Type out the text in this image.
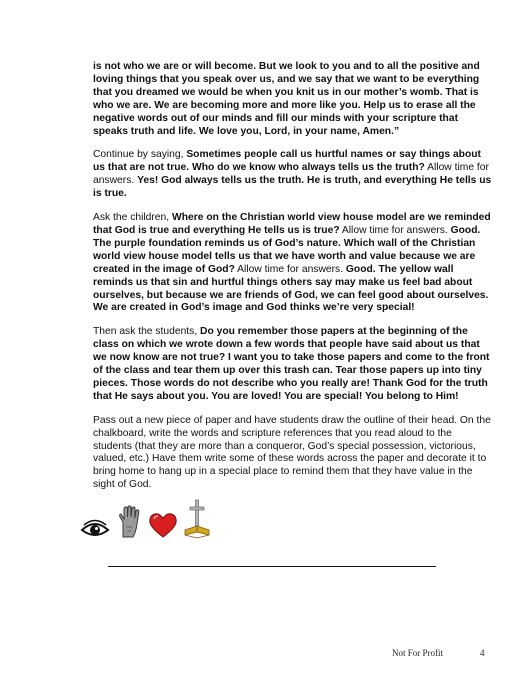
is not who we are or will become. But we look to you and to all the positive and loving things that you speak over us, and we say that we want to be everything that you dreamed we would be when you knit us in our mother’s womb. That is who we are. We are becoming more and more like you. Help us to erase all the negative words out of our minds and fill our minds with your scripture that speaks truth and life. We love you, Lord, in your name, Amen.”

Continue by saying, Sometimes people call us hurtful names or say things about us that are not true. Who do we know who always tells us the truth? Allow time for answers. Yes! God always tells us the truth. He is truth, and everything He tells us is true.

Ask the children, Where on the Christian world view house model are we reminded that God is true and everything He tells us is true? Allow time for answers. Good. The purple foundation reminds us of God’s nature. Which wall of the Christian world view house model tells us that we have worth and value because we are created in the image of God? Allow time for answers. Good. The yellow wall reminds us that sin and hurtful things others say may make us feel bad about ourselves, but because we are friends of God, we can feel good about ourselves. We are created in God’s image and God thinks we’re very special!

Then ask the students, Do you remember those papers at the beginning of the class on which we wrote down a few words that people have said about us that we now know are not true? I want you to take those papers and come to the front of the class and tear them up over this trash can. Tear those papers up into tiny pieces. Those words do not describe who you really are! Thank God for the truth that He says about you. You are loved! You are special! You belong to Him!

Pass out a new piece of paper and have students draw the outline of their head. On the chalkboard, write the words and scripture references that you read aloud to the students (that they are more than a conqueror, God’s special possession, victorious, valued, etc.) Have them write some of these words across the paper and decorate it to bring home to hang up in a special place to remind them that they have value in the sight of God.

Not For Profit	4
